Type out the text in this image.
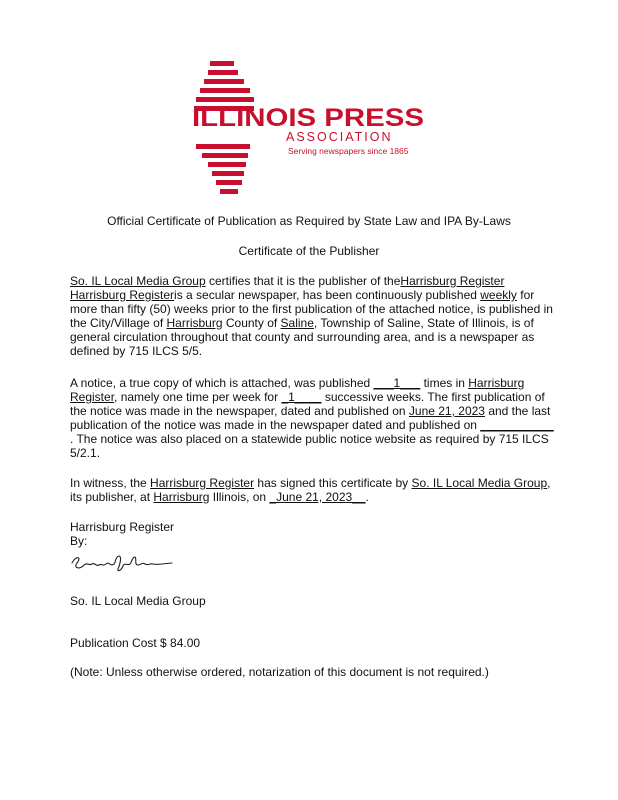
ILLINOIS PRESS
ASSOCIATION
Serving newspapers since 1865
Official Certificate of Publication as Required by State Law and IPA By-Laws
Certificate of the Publisher
So. IL Local Media Group certifies that it is the publisher of theHarrisburg Register Harrisburg Registeris a secular newspaper, has been continuously published weekly for more than fifty (50) weeks prior to the first publication of the attached notice, is published in the City/Village of Harrisburg County of Saline, Township of Saline, State of Illinois, is of general circulation throughout that county and surrounding area, and is a newspaper as defined by 715 ILCS 5/5.
A notice, a true copy of which is attached, was published ___1___ times in Harrisburg Register, namely one time per week for _1____ successive weeks. The first publication of the notice was made in the newspaper, dated and published on June 21, 2023 and the last publication of the notice was made in the newspaper dated and published on ___________ . The notice was also placed on a statewide public notice website as required by 715 ILCS 5/2.1.
In witness, the Harrisburg Register has signed this certificate by So. IL Local Media Group, its publisher, at Harrisburg Illinois, on _June 21, 2023__.
Harrisburg Register
By:
So. IL Local Media Group
Publication Cost $ 84.00
(Note: Unless otherwise ordered, notarization of this document is not required.)
